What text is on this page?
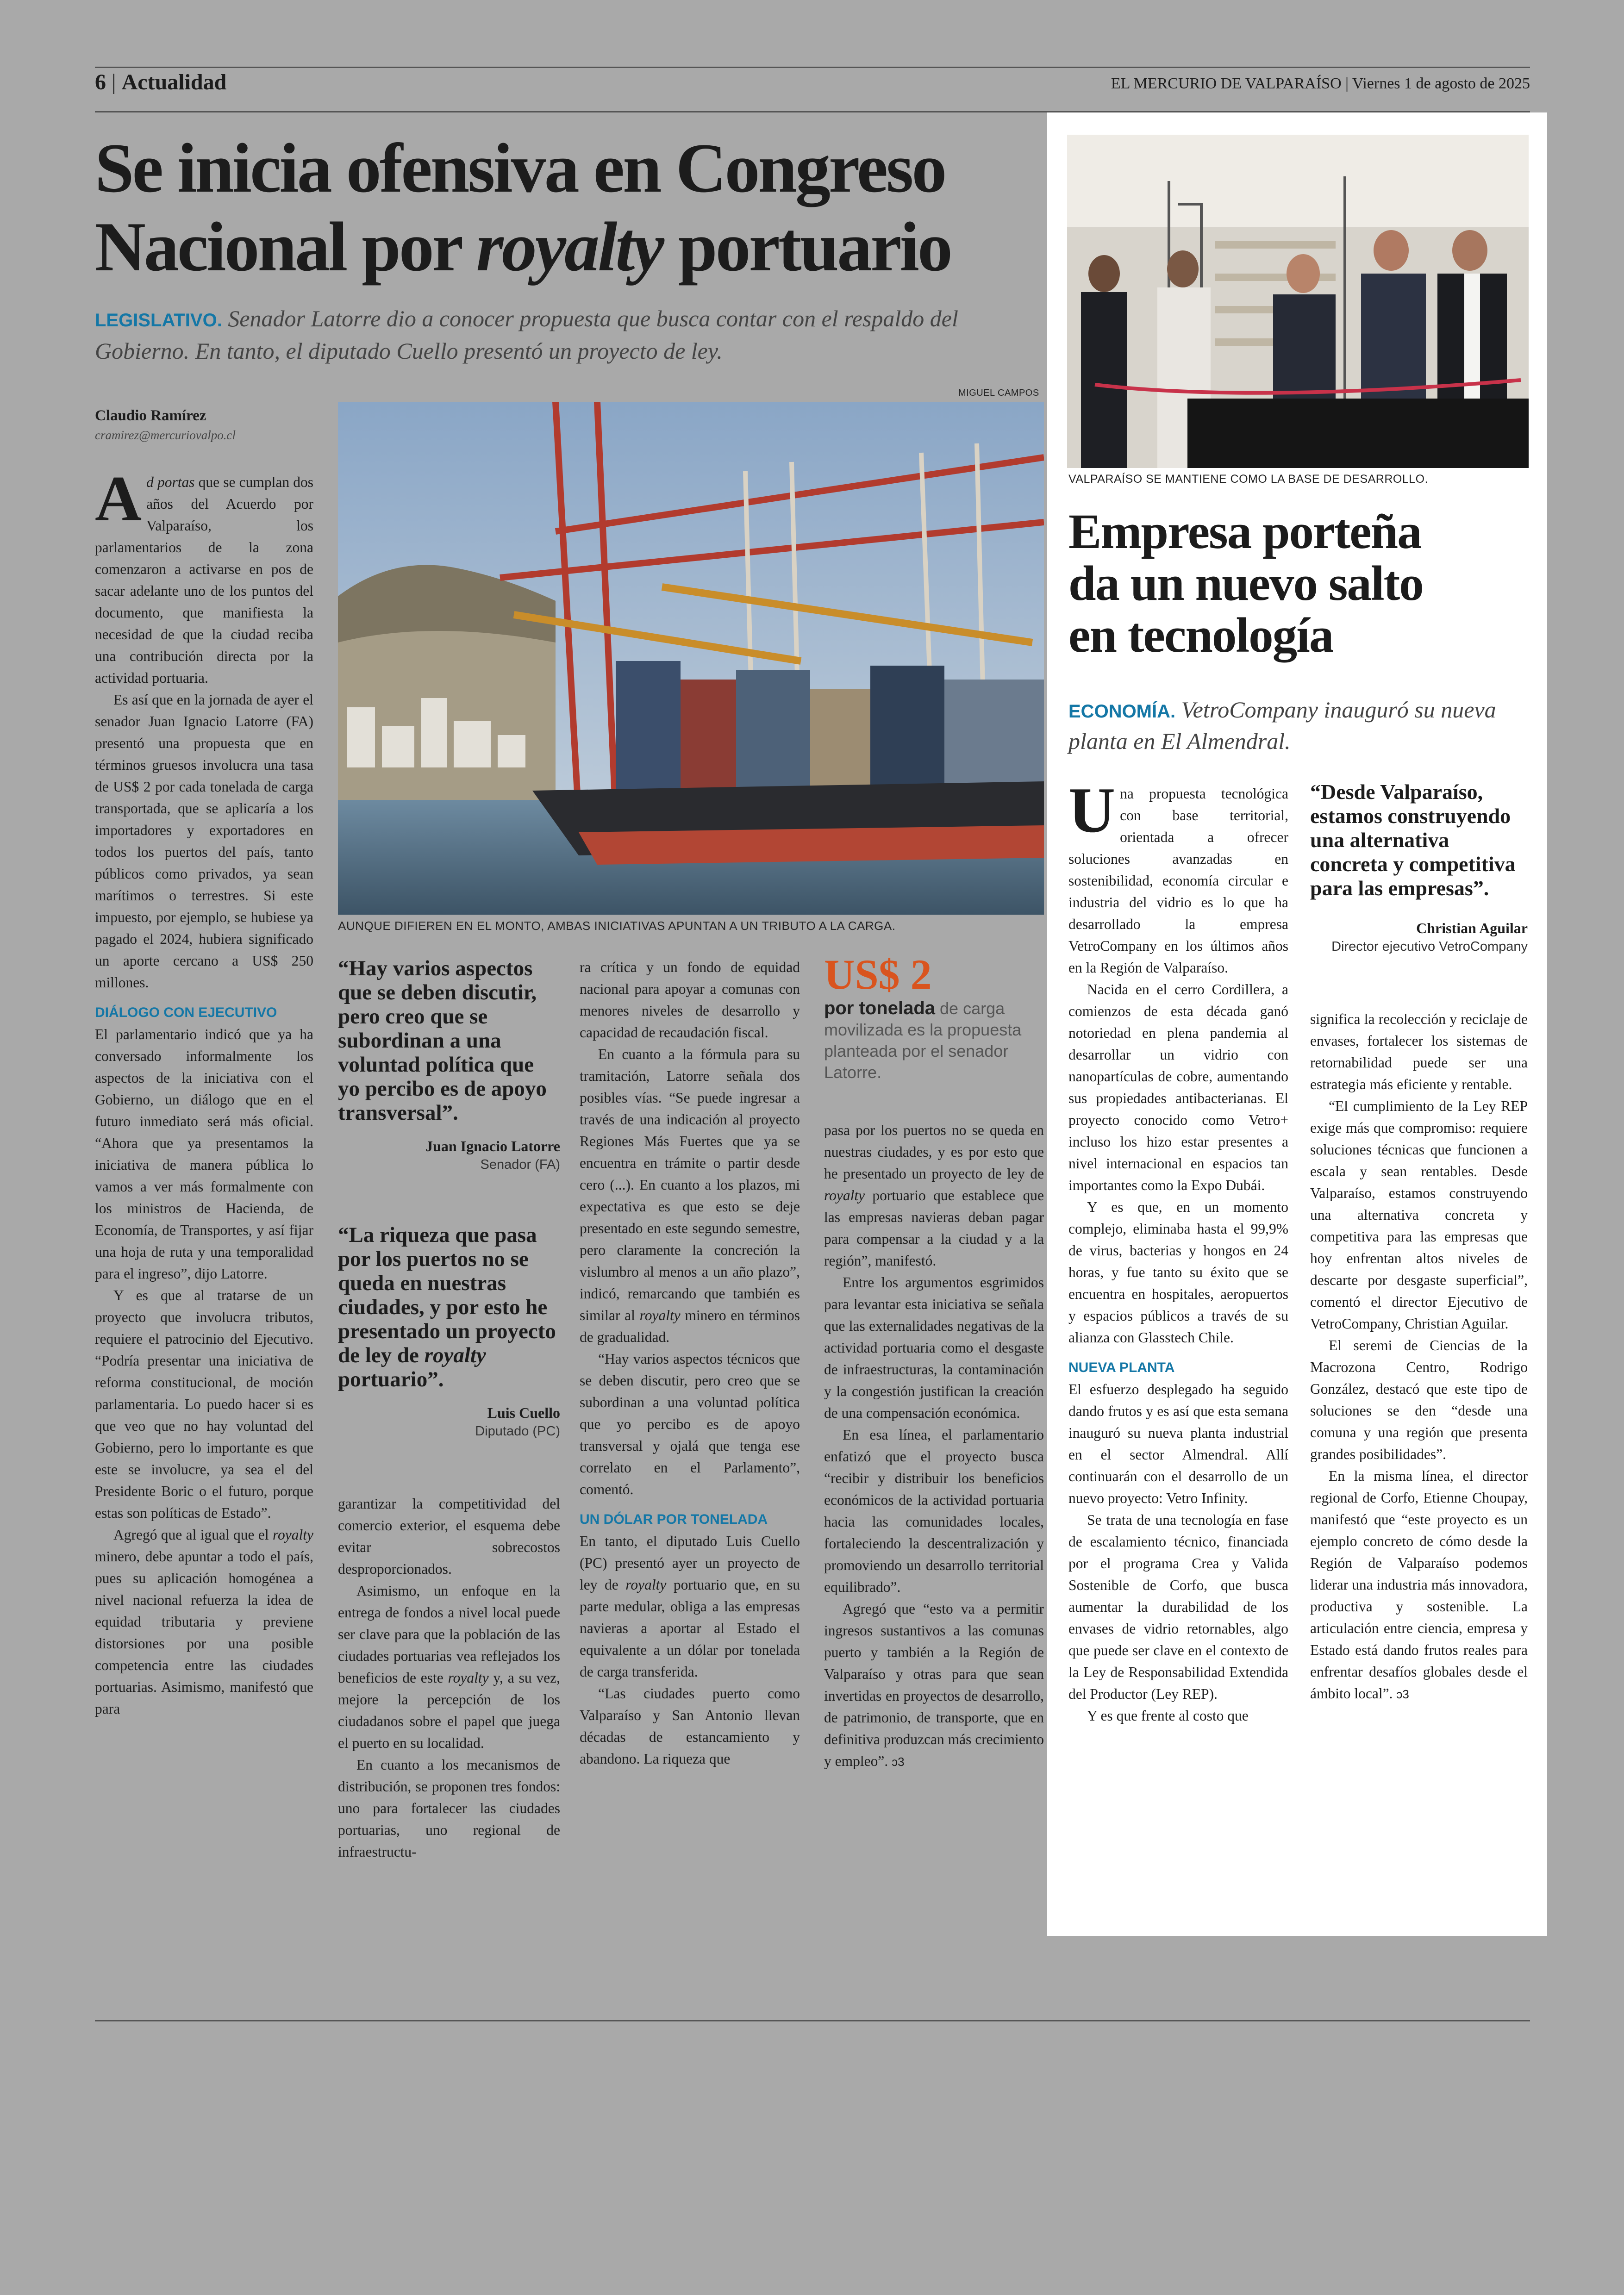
6 | Actualidad	EL MERCURIO DE VALPARAÍSO | Viernes 1 de agosto de 2025
Se inicia ofensiva en Congreso
Nacional por royalty portuario
LEGISLATIVO. Senador Latorre dio a conocer propuesta que busca contar con el respaldo del Gobierno. En tanto, el diputado Cuello presentó un proyecto de ley.
Claudio Ramírez
cramirez@mercuriovalpo.cl
MIGUEL CAMPOS
AUNQUE DIFIEREN EN EL MONTO, AMBAS INICIATIVAS APUNTAN A UN TRIBUTO A LA CARGA.

Ad portas que se cumplan dos años del Acuerdo por Valparaíso, los parlamentarios de la zona comenzaron a activarse en pos de sacar adelante uno de los puntos del documento, que manifiesta la necesidad de que la ciudad reciba una contribución directa por la actividad portuaria.

Es así que en la jornada de ayer el senador Juan Ignacio Latorre (FA) presentó una propuesta que en términos gruesos involucra una tasa de US$ 2 por cada tonelada de carga transportada, que se aplicaría a los importadores y exportadores en todos los puertos del país, tanto públicos como privados, ya sean marítimos o terrestres. Si este impuesto, por ejemplo, se hubiese ya pagado el 2024, hubiera significado un aporte cercano a US$ 250 millones.

DIÁLOGO CON EJECUTIVO

El parlamentario indicó que ya ha conversado informalmente los aspectos de la iniciativa con el Gobierno, un diálogo que en el futuro inmediato será más oficial. “Ahora que ya presentamos la iniciativa de manera pública lo vamos a ver más formalmente con los ministros de Hacienda, de Economía, de Transportes, y así fijar una hoja de ruta y una temporalidad para el ingreso”, dijo Latorre.

Y es que al tratarse de un proyecto que involucra tributos, requiere el patrocinio del Ejecutivo. “Podría presentar una iniciativa de reforma constitucional, de moción parlamentaria. Lo puedo hacer si es que veo que no hay voluntad del Gobierno, pero lo importante es que este se involucre, ya sea el del Presidente Boric o el futuro, porque estas son políticas de Estado”.

Agregó que al igual que el royalty minero, debe apuntar a todo el país, pues su aplicación homogénea a nivel nacional refuerza la idea de equidad tributaria y previene distorsiones por una posible competencia entre las ciudades portuarias. Asimismo, manifestó que para

“Hay varios aspectos que se deben discutir, pero creo que se subordinan a una voluntad política que yo percibo es de apoyo transversal”.
Juan Ignacio Latorre
Senador (FA)
“La riqueza que pasa por los puertos no se queda en nuestras ciudades, y por esto he presentado un proyecto de ley de royalty portuario”.
Luis Cuello
Diputado (PC)

garantizar la competitividad del comercio exterior, el esquema debe evitar sobrecostos desproporcionados.

Asimismo, un enfoque en la entrega de fondos a nivel local puede ser clave para que la población de las ciudades portuarias vea reflejados los beneficios de este royalty y, a su vez, mejore la percepción de los ciudadanos sobre el papel que juega el puerto en su localidad.

En cuanto a los mecanismos de distribución, se proponen tres fondos: uno para fortalecer las ciudades portuarias, uno regional de infraestructu-

ra crítica y un fondo de equidad nacional para apoyar a comunas con menores niveles de desarrollo y capacidad de recaudación fiscal.

En cuanto a la fórmula para su tramitación, Latorre señala dos posibles vías. “Se puede ingresar a través de una indicación al proyecto Regiones Más Fuertes que ya se encuentra en trámite o partir desde cero (...). En cuanto a los plazos, mi expectativa es que esto se deje presentado en este segundo semestre, pero claramente la concreción la vislumbro al menos a un año plazo”, indicó, remarcando que también es similar al royalty minero en términos de gradualidad.

“Hay varios aspectos técnicos que se deben discutir, pero creo que se subordinan a una voluntad política que yo percibo es de apoyo transversal y ojalá que tenga ese correlato en el Parlamento”, comentó.

UN DÓLAR POR TONELADA

En tanto, el diputado Luis Cuello (PC) presentó ayer un proyecto de ley de royalty portuario que, en su parte medular, obliga a las empresas navieras a aportar al Estado el equivalente a un dólar por tonelada de carga transferida.

“Las ciudades puerto como Valparaíso y San Antonio llevan décadas de estancamiento y abandono. La riqueza que

US$ 2
por tonelada de carga movilizada es la propuesta planteada por el senador Latorre.

pasa por los puertos no se queda en nuestras ciudades, y es por esto que he presentado un proyecto de ley de royalty portuario que establece que las empresas navieras deban pagar para compensar a la ciudad y a la región”, manifestó.

Entre los argumentos esgrimidos para levantar esta iniciativa se señala que las externalidades negativas de la actividad portuaria como el desgaste de infraestructuras, la contaminación y la congestión justifican la creación de una compensación económica.

En esa línea, el parlamentario enfatizó que el proyecto busca “recibir y distribuir los beneficios económicos de la actividad portuaria hacia las comunidades locales, fortaleciendo la descentralización y promoviendo un desarrollo territorial equilibrado”.

Agregó que “esto va a permitir ingresos sustantivos a las comunas puerto y también a la Región de Valparaíso y otras para que sean invertidas en proyectos de desarrollo, de patrimonio, de transporte, que en definitiva produzcan más crecimiento y empleo”. ↄ3

VALPARAÍSO SE MANTIENE COMO LA BASE DE DESARROLLO.
Empresa porteña
da un nuevo salto
en tecnología
ECONOMÍA. VetroCompany inauguró su nueva planta en El Almendral.

Una propuesta tecnológica con base territorial, orientada a ofrecer soluciones avanzadas en sostenibilidad, economía circular e industria del vidrio es lo que ha desarrollado la empresa VetroCompany en los últimos años en la Región de Valparaíso.

Nacida en el cerro Cordillera, a comienzos de esta década ganó notoriedad en plena pandemia al desarrollar un vidrio con nanopartículas de cobre, aumentando sus propiedades antibacterianas. El proyecto conocido como Vetro+ incluso los hizo estar presentes a nivel internacional en espacios tan importantes como la Expo Dubái.

Y es que, en un momento complejo, eliminaba hasta el 99,9% de virus, bacterias y hongos en 24 horas, y fue tanto su éxito que se encuentra en hospitales, aeropuertos y espacios públicos a través de su alianza con Glasstech Chile.

NUEVA PLANTA

El esfuerzo desplegado ha seguido dando frutos y es así que esta semana inauguró su nueva planta industrial en el sector Almendral. Allí continuarán con el desarrollo de un nuevo proyecto: Vetro Infinity.

Se trata de una tecnología en fase de escalamiento técnico, financiada por el programa Crea y Valida Sostenible de Corfo, que busca aumentar la durabilidad de los envases de vidrio retornables, algo que puede ser clave en el contexto de la Ley de Responsabilidad Extendida del Productor (Ley REP).

Y es que frente al costo que

“Desde Valparaíso, estamos construyendo una alternativa concreta y competitiva para las empresas”.
Christian Aguilar
Director ejecutivo VetroCompany

significa la recolección y reciclaje de envases, fortalecer los sistemas de retornabilidad puede ser una estrategia más eficiente y rentable.

“El cumplimiento de la Ley REP exige más que compromiso: requiere soluciones técnicas que funcionen a escala y sean rentables. Desde Valparaíso, estamos construyendo una alternativa concreta y competitiva para las empresas que hoy enfrentan altos niveles de descarte por desgaste superficial”, comentó el director Ejecutivo de VetroCompany, Christian Aguilar.

El seremi de Ciencias de la Macrozona Centro, Rodrigo González, destacó que este tipo de soluciones se den “desde una comuna y una región que presenta grandes posibilidades”.

En la misma línea, el director regional de Corfo, Etienne Choupay, manifestó que “este proyecto es un ejemplo concreto de cómo desde la Región de Valparaíso podemos liderar una industria más innovadora, productiva y sostenible. La articulación entre ciencia, empresa y Estado está dando frutos reales para enfrentar desafíos globales desde el ámbito local”. ↄ3
